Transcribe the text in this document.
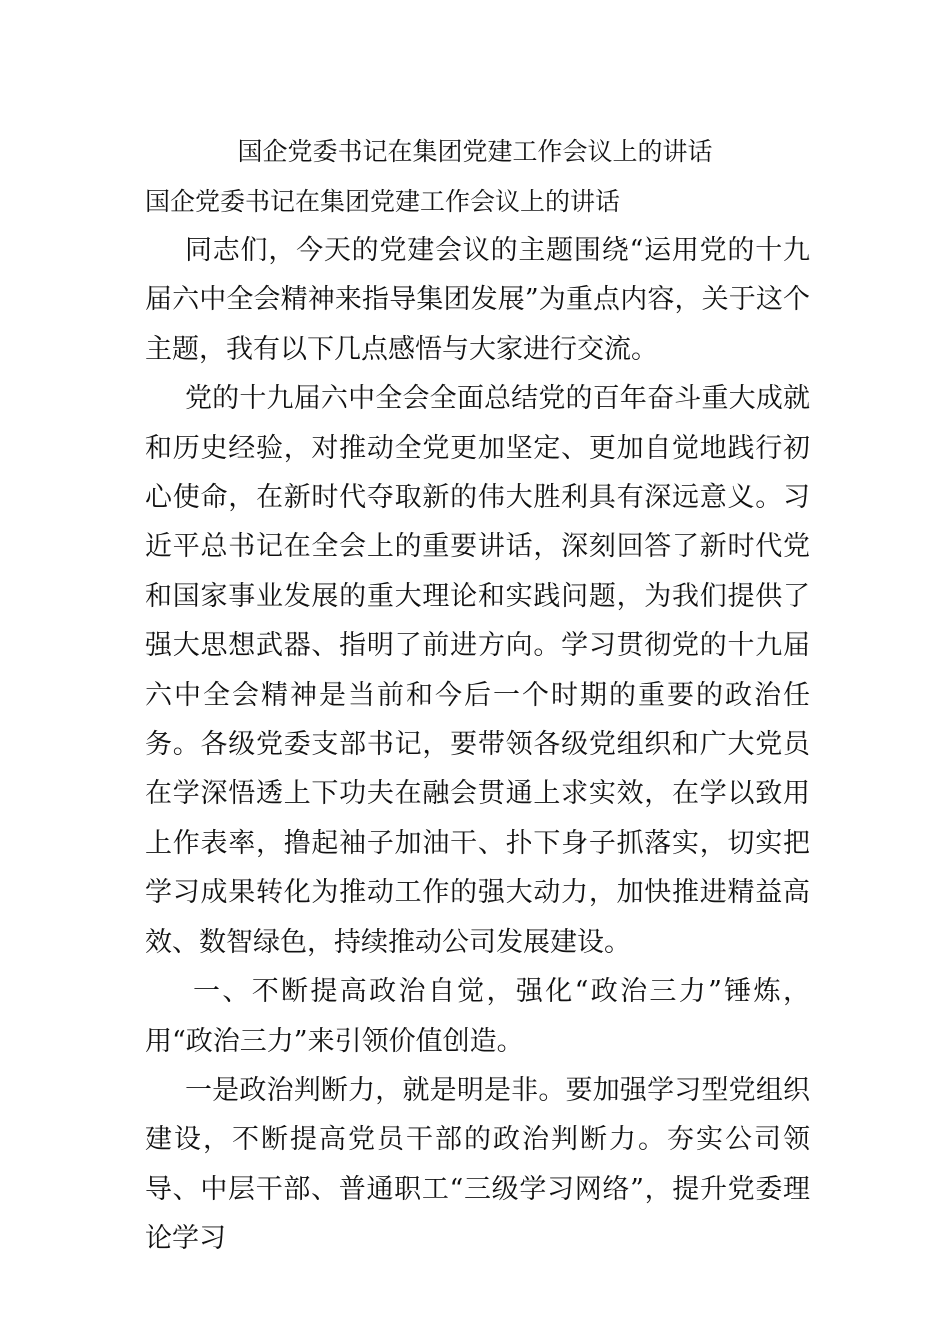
国企党委书记在集团党建工作会议上的讲话
国企党委书记在集团党建工作会议上的讲话

同志们，今天的党建会议的主题围绕“运用党的十九届六中全会精神来指导集团发展”为重点内容，关于这个主题，我有以下几点感悟与大家进行交流。

党的十九届六中全会全面总结党的百年奋斗重大成就和历史经验，对推动全党更加坚定、更加自觉地践行初心使命，在新时代夺取新的伟大胜利具有深远意义。习近平总书记在全会上的重要讲话，深刻回答了新时代党和国家事业发展的重大理论和实践问题，为我们提供了强大思想武器、指明了前进方向。学习贯彻党的十九届六中全会精神是当前和今后一个时期的重要的政治任务。各级党委支部书记，要带领各级党组织和广大党员在学深悟透上下功夫在融会贯通上求实效，在学以致用上作表率，撸起袖子加油干、扑下身子抓落实，切实把学习成果转化为推动工作的强大动力，加快推进精益高效、数智绿色，持续推动公司发展建设。

一、不断提高政治自觉，强化“政治三力”锤炼，用“政治三力”来引领价值创造。

一是政治判断力，就是明是非。要加强学习型党组织建设，不断提高党员干部的政治判断力。夯实公司领导、中层干部、普通职工“三级学习网络”，提升党委理论学习
